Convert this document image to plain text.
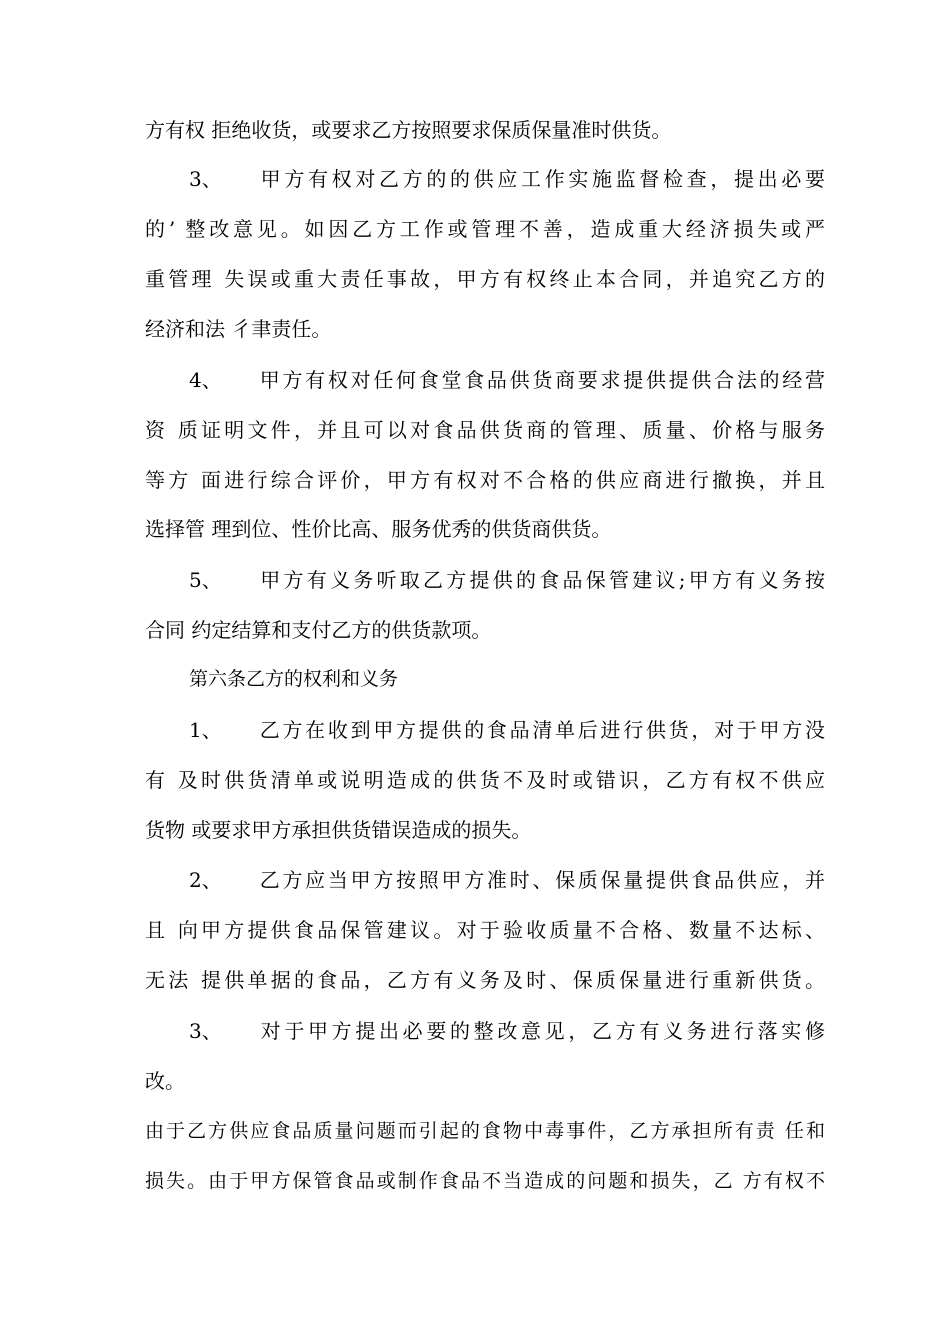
方有权 拒绝收货，或要求乙方按照要求保质保量准时供货。
3、 甲方有权对乙方的的供应工作实施监督检查，提出必要
的’ 整改意见。如因乙方工作或管理不善，造成重大经济损失或严
重管理 失误或重大责任事故，甲方有权终止本合同，并追究乙方的
经济和法 彳聿责任。
4、 甲方有权对任何食堂食品供货商要求提供提供合法的经营
资 质证明文件，并且可以对食品供货商的管理、质量、价格与服务
等方 面进行综合评价，甲方有权对不合格的供应商进行撤换，并且
选择管 理到位、性价比高、服务优秀的供货商供货。
5、 甲方有义务听取乙方提供的食品保管建议;甲方有义务按
合同 约定结算和支付乙方的供货款项。
第六条乙方的权利和义务
1、 乙方在收到甲方提供的食品清单后进行供货，对于甲方没
有 及时供货清单或说明造成的供货不及时或错识，乙方有权不供应
货物 或要求甲方承担供货错误造成的损失。
2、 乙方应当甲方按照甲方准时、保质保量提供食品供应，并
且 向甲方提供食品保管建议。对于验收质量不合格、数量不达标、
无法 提供单据的食品，乙方有义务及时、保质保量进行重新供货。
3、 对于甲方提出必要的整改意见，乙方有义务进行落实修
改。
由于乙方供应食品质量问题而引起的食物中毒事件，乙方承担所有责 任和
损失。由于甲方保管食品或制作食品不当造成的问题和损失，乙 方有权不
